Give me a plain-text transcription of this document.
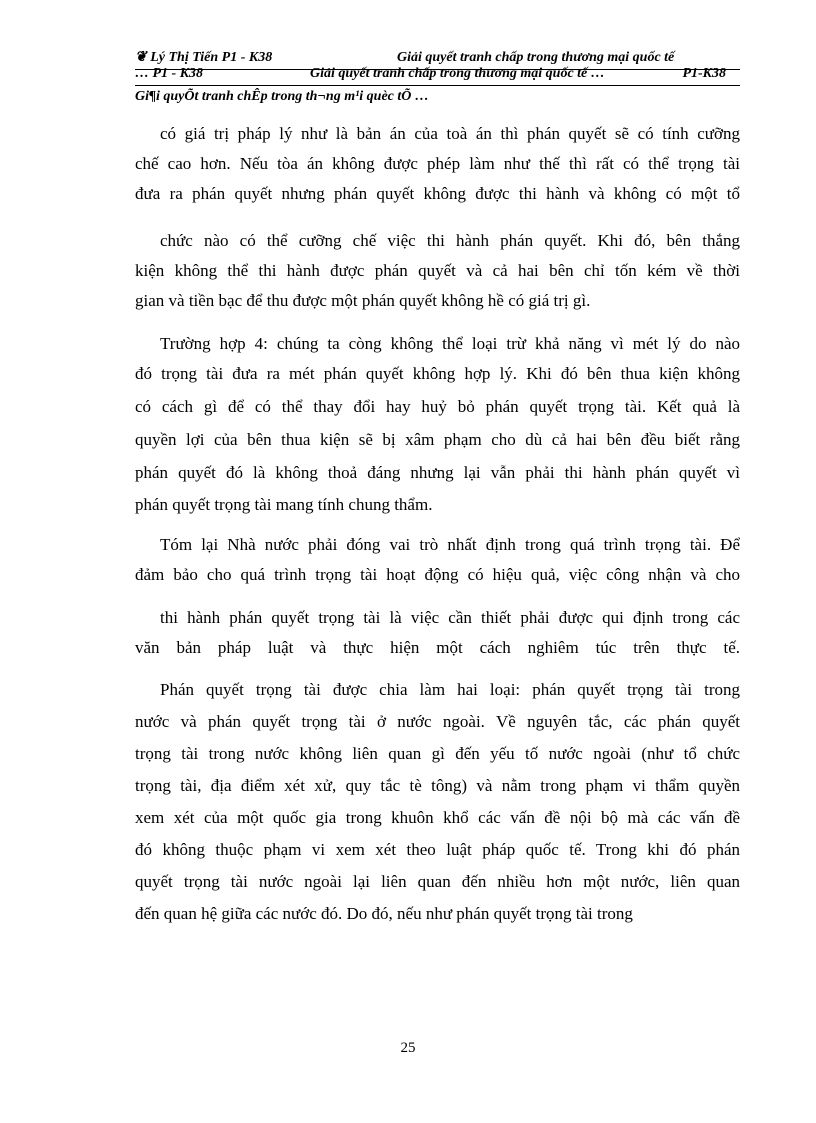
❦ Lý Thị Tiến P1 - K38	Giải quyết tranh chấp trong thương mại quốc tế
… P1 - K38	Giải quyết tranh chấp trong thương mại quốc tế …	P1-K38
Gi¶i quyÕt tranh chÊp trong th¬ng m¹i quèc tÕ …
có giá trị pháp lý như là bản án của toà án thì phán quyết sẽ có tính cưỡng
chế cao hơn. Nếu tòa án không được phép làm như thế thì rất có thể trọng tài
đưa ra phán quyết nhưng phán quyết không được thi hành và không có một tổ
chức nào có thể cưỡng chế việc thi hành phán quyết. Khi đó, bên thắng
kiện không thể thi hành được phán quyết và cả hai bên chỉ tốn kém về thời
gian và tiền bạc để thu được một phán quyết không hề có giá trị gì.
Trường hợp 4: chúng ta còng không thể loại trừ khả năng vì mét lý do nào
đó trọng tài đưa ra mét phán quyết không hợp lý. Khi đó bên thua kiện không
có cách gì để có thể thay đổi hay huỷ bỏ phán quyết trọng tài. Kết quả là
quyền lợi của bên thua kiện sẽ bị xâm phạm cho dù cả hai bên đều biết rằng
phán quyết đó là không thoả đáng nhưng lại vẫn phải thi hành phán quyết vì
phán quyết trọng tài mang tính chung thẩm.
Tóm lại Nhà nước phải đóng vai trò nhất định trong quá trình trọng tài. Để
đảm bảo cho quá trình trọng tài hoạt động có hiệu quả, việc công nhận và cho
thi hành phán quyết trọng tài là việc cần thiết phải được qui định trong các
văn bản pháp luật và thực hiện một cách nghiêm túc trên thực tế.
Phán quyết trọng tài được chia làm hai loại: phán quyết trọng tài trong
nước và phán quyết trọng tài ở nước ngoài. Về nguyên tắc, các phán quyết
trọng tài trong nước không liên quan gì đến yếu tố nước ngoài (như tổ chức
trọng tài, địa điểm xét xử, quy tắc tè tông) và nằm trong phạm vi thẩm quyền
xem xét của một quốc gia trong khuôn khổ các vấn đề nội bộ mà các vấn đề
đó không thuộc phạm vi xem xét theo luật pháp quốc tế. Trong khi đó phán
quyết trọng tài nước ngoài lại liên quan đến nhiều hơn một nước, liên quan
đến quan hệ giữa các nước đó. Do đó, nếu như phán quyết trọng tài trong
25
